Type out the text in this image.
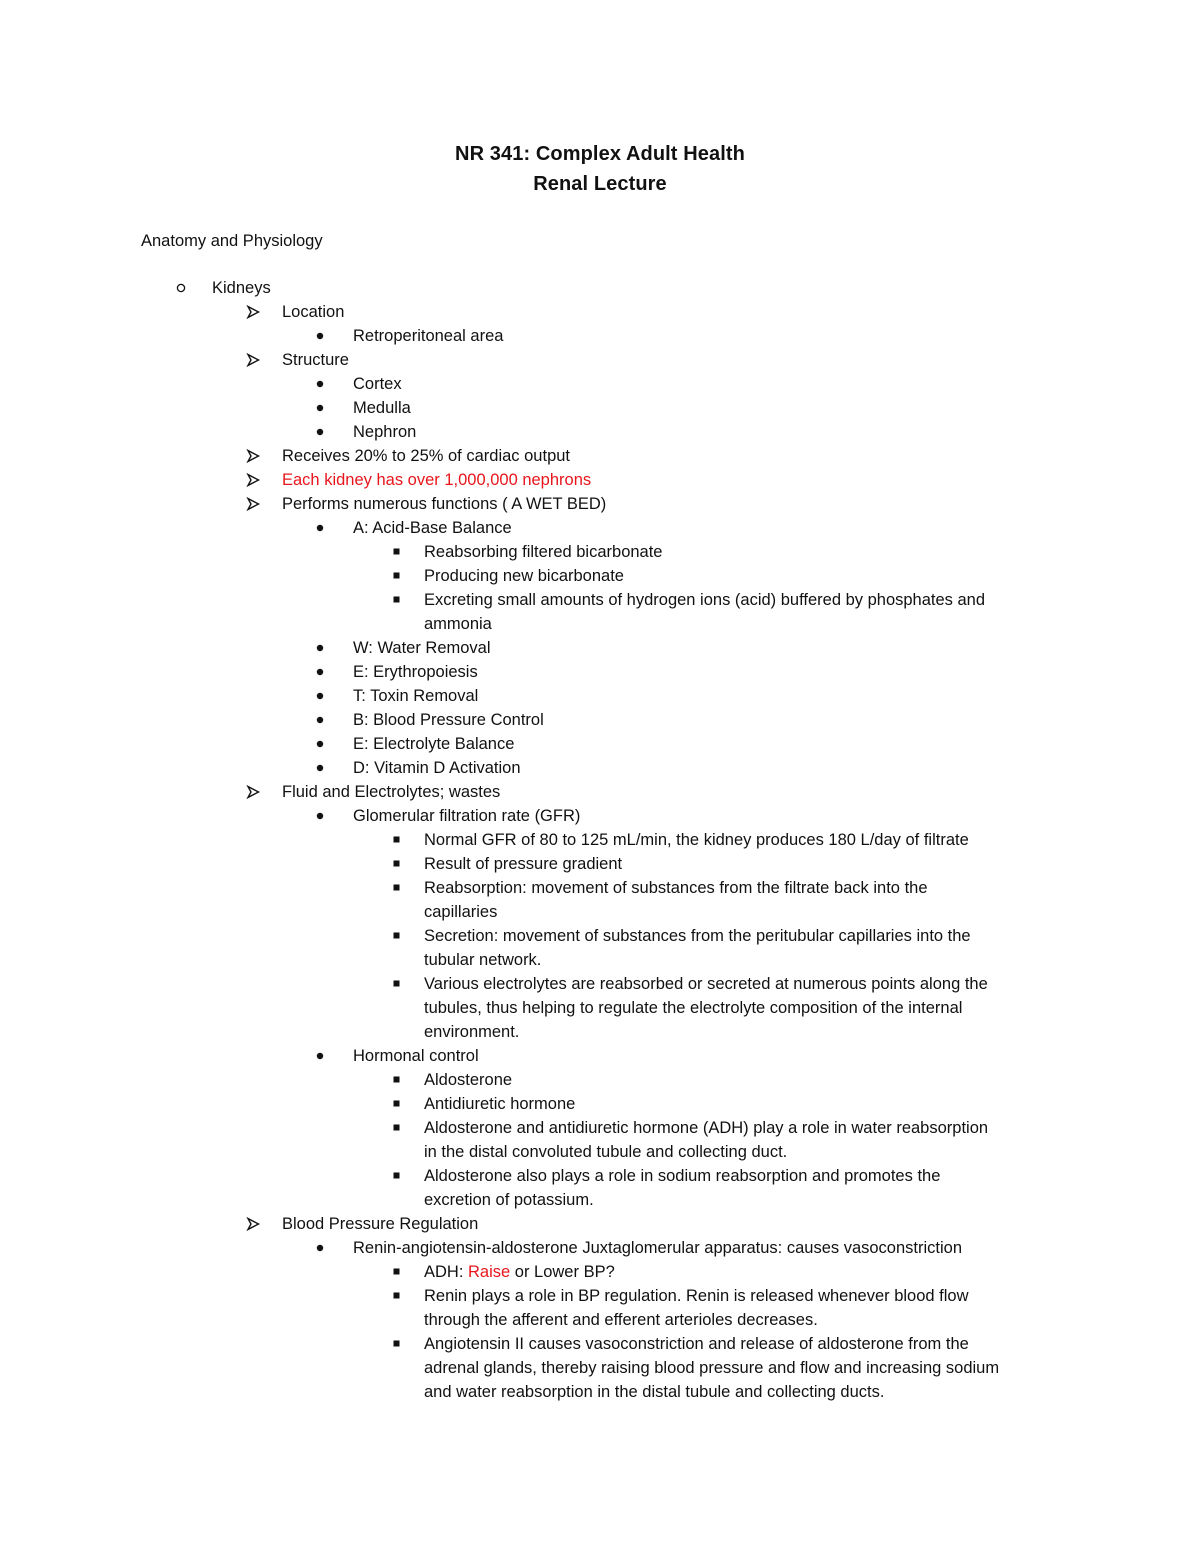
NR 341: Complex Adult Health
Renal Lecture
Anatomy and Physiology
Kidneys
Location
Retroperitoneal area
Structure
Cortex
Medulla
Nephron
Receives 20% to 25% of cardiac output
Each kidney has over 1,000,000 nephrons
Performs numerous functions ( A WET BED)
A: Acid-Base Balance
Reabsorbing filtered bicarbonate
Producing new bicarbonate
Excreting small amounts of hydrogen ions (acid) buffered by phosphates and
ammonia
W: Water Removal
E: Erythropoiesis
T: Toxin Removal
B: Blood Pressure Control
E: Electrolyte Balance
D: Vitamin D Activation
Fluid and Electrolytes; wastes
Glomerular filtration rate (GFR)
Normal GFR of 80 to 125 mL/min, the kidney produces 180 L/day of filtrate
Result of pressure gradient
Reabsorption: movement of substances from the filtrate back into the
capillaries
Secretion: movement of substances from the peritubular capillaries into the
tubular network.
Various electrolytes are reabsorbed or secreted at numerous points along the
tubules, thus helping to regulate the electrolyte composition of the internal
environment.
Hormonal control
Aldosterone
Antidiuretic hormone
Aldosterone and antidiuretic hormone (ADH) play a role in water reabsorption
in the distal convoluted tubule and collecting duct.
Aldosterone also plays a role in sodium reabsorption and promotes the
excretion of potassium.
Blood Pressure Regulation
Renin-angiotensin-aldosterone Juxtaglomerular apparatus: causes vasoconstriction
ADH: Raise or Lower BP?
Renin plays a role in BP regulation. Renin is released whenever blood flow
through the afferent and efferent arterioles decreases.
Angiotensin II causes vasoconstriction and release of aldosterone from the
adrenal glands, thereby raising blood pressure and flow and increasing sodium
and water reabsorption in the distal tubule and collecting ducts.
